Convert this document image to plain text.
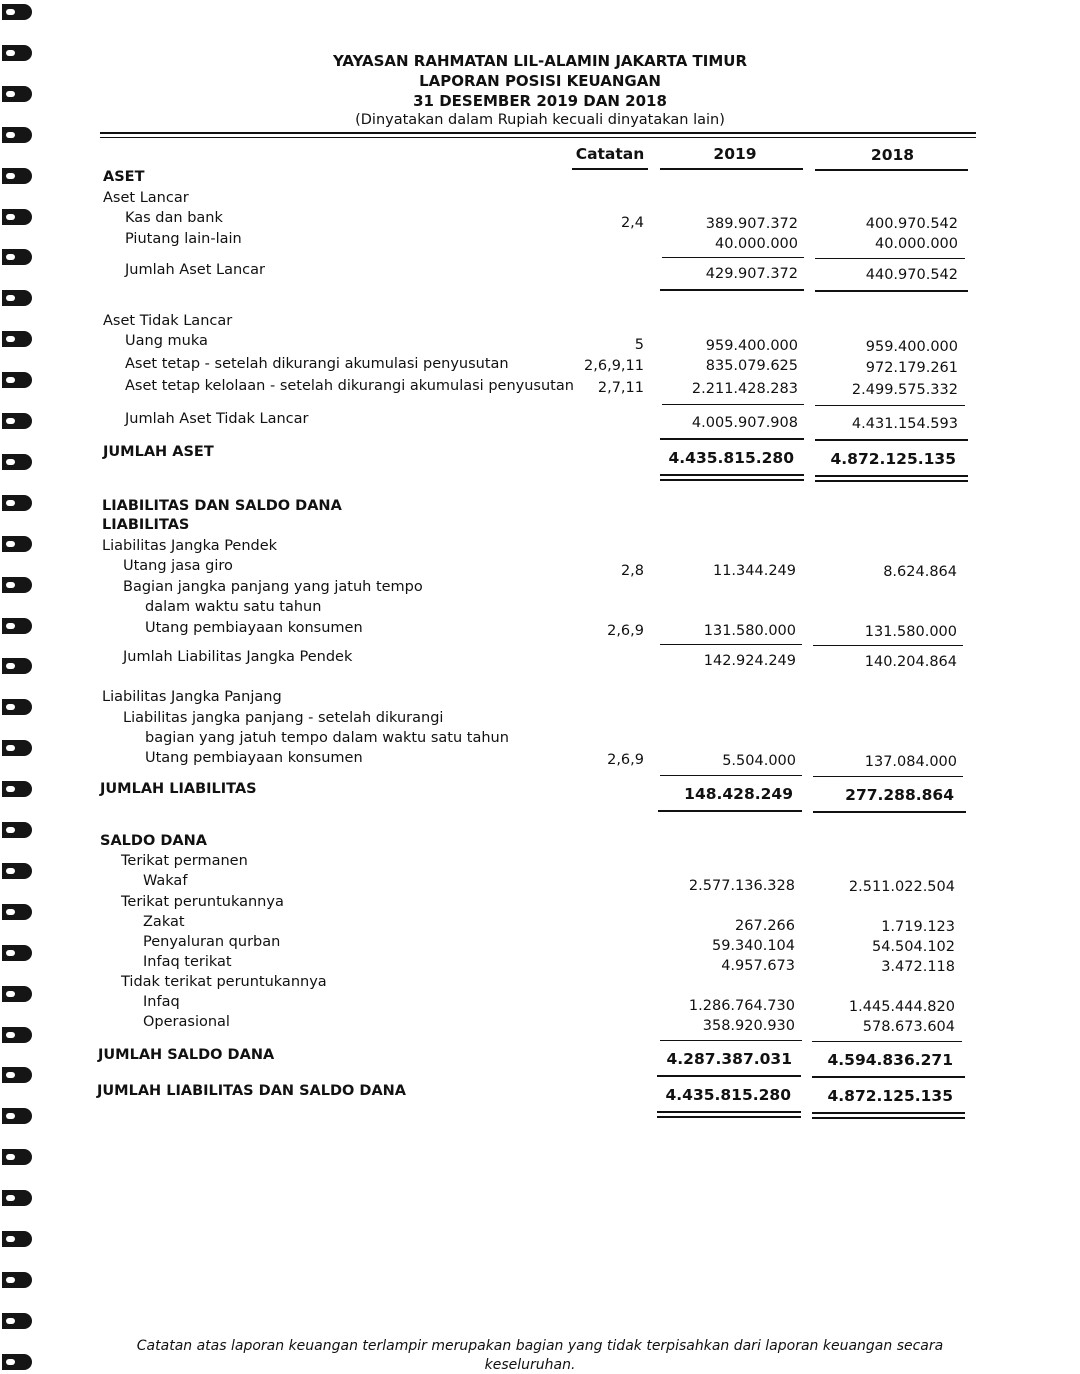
YAYASAN RAHMATAN LIL-ALAMIN JAKARTA TIMUR
LAPORAN POSISI KEUANGAN
31 DESEMBER 2019 DAN 2018
(Dinyatakan dalam Rupiah kecuali dinyatakan lain)
Catatan	2019	2018
ASET
Aset Lancar
Kas dan bank	2,4	389.907.372	400.970.542
Piutang lain-lain	40.000.000	40.000.000
Jumlah Aset Lancar	429.907.372	440.970.542
Aset Tidak Lancar
Uang muka	5	959.400.000	959.400.000
Aset tetap - setelah dikurangi akumulasi penyusutan	2,6,9,11	835.079.625	972.179.261
Aset tetap kelolaan - setelah dikurangi akumulasi penyusutan	2,7,11	2.211.428.283	2.499.575.332
Jumlah Aset Tidak Lancar	4.005.907.908	4.431.154.593
JUMLAH ASET	4.435.815.280	4.872.125.135
LIABILITAS DAN SALDO DANA
LIABILITAS
Liabilitas Jangka Pendek
Utang jasa giro	2,8	11.344.249	8.624.864
Bagian jangka panjang yang jatuh tempo
dalam waktu satu tahun
Utang pembiayaan konsumen	2,6,9	131.580.000	131.580.000
Jumlah Liabilitas Jangka Pendek	142.924.249	140.204.864
Liabilitas Jangka Panjang
Liabilitas jangka panjang - setelah dikurangi
bagian yang jatuh tempo dalam waktu satu tahun
Utang pembiayaan konsumen	2,6,9	5.504.000	137.084.000
JUMLAH LIABILITAS	148.428.249	277.288.864
SALDO DANA
Terikat permanen
Wakaf	2.577.136.328	2.511.022.504
Terikat peruntukannya
Zakat	267.266	1.719.123
Penyaluran qurban	59.340.104	54.504.102
Infaq terikat	4.957.673	3.472.118
Tidak terikat peruntukannya
Infaq	1.286.764.730	1.445.444.820
Operasional	358.920.930	578.673.604
JUMLAH SALDO DANA	4.287.387.031	4.594.836.271
JUMLAH LIABILITAS DAN SALDO DANA	4.435.815.280	4.872.125.135
Catatan atas laporan keuangan terlampir merupakan bagian yang tidak terpisahkan dari laporan keuangan secara
keseluruhan.
